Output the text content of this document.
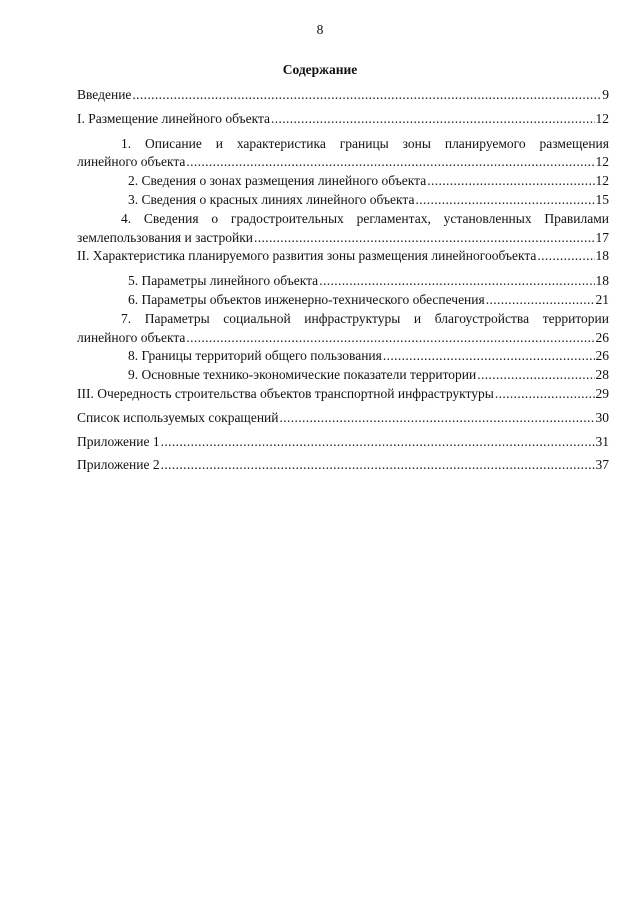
8
Содержание
Введение . . .	9
I. Размещение линейного объекта . . .	12
1. Описание и характеристика границы зоны планируемого размещения
линейного объекта . . .	12
2. Сведения о зонах размещения линейного объекта . . .	12
3. Сведения о красных линиях линейного объекта . . .	15
4. Сведения о градостроительных регламентах, установленных Правилами
землепользования и застройки . . .	17
II. Характеристика планируемого развития зоны размещения линейногообъекта . . .	18
5. Параметры линейного объекта . . .	18
6. Параметры объектов инженерно-технического обеспечения . . .	21
7. Параметры социальной инфраструктуры и благоустройства территории
линейного объекта . . .	26
8. Границы территорий общего пользования . . .	26
9. Основные технико-экономические показатели территории . . .	28
III. Очередность строительства объектов транспортной инфраструктуры . . .	29
Список используемых сокращений . . .	30
Приложение 1 . . .	31
Приложение 2 . . .	37
